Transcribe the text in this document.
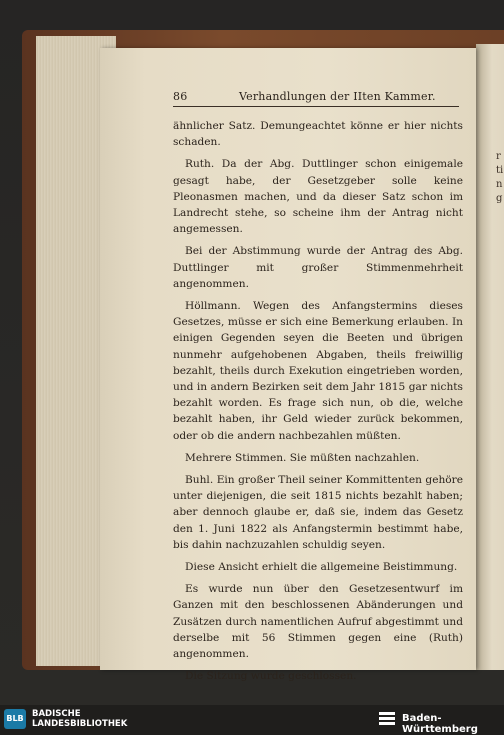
r
ti
n
g
86	Verhandlungen der IIten Kammer.

ähnlicher Satz. Demungeachtet könne er hier nichts schaden.

Ruth. Da der Abg. Duttlinger schon einigemale gesagt habe, der Gesetzgeber solle keine Pleonasmen machen, und da dieser Satz schon im Landrecht stehe, so scheine ihm der Antrag nicht angemessen.

Bei der Abstimmung wurde der Antrag des Abg. Duttlinger mit großer Stimmenmehrheit angenommen.

Höllmann. Wegen des Anfangstermins dieses Gesetzes, müsse er sich eine Bemerkung erlauben. In einigen Gegenden seyen die Beeten und übrigen nunmehr aufgehobenen Abgaben, theils freiwillig bezahlt, theils durch Exekution eingetrieben worden, und in andern Bezirken seit dem Jahr 1815 gar nichts bezahlt worden. Es frage sich nun, ob die, welche bezahlt haben, ihr Geld wieder zurück bekommen, oder ob die andern nachbezahlen müßten.

Mehrere Stimmen. Sie müßten nachzahlen.

Buhl. Ein großer Theil seiner Kommittenten gehöre unter diejenigen, die seit 1815 nichts bezahlt haben; aber dennoch glaube er, daß sie, indem das Gesetz den 1. Juni 1822 als Anfangstermin bestimmt habe, bis dahin nachzuzahlen schuldig seyen.

Diese Ansicht erhielt die allgemeine Beistimmung.

Es wurde nun über den Gesetzesentwurf im Ganzen mit den beschlossenen Abänderungen und Zusätzen durch namentlichen Aufruf abgestimmt und derselbe mit 56 Stimmen gegen eine (Ruth) angenommen.

Die Sitzung wurde geschlossen.

BLB BADISCHE
LANDESBIBLIOTHEK	Baden-Württemberg
